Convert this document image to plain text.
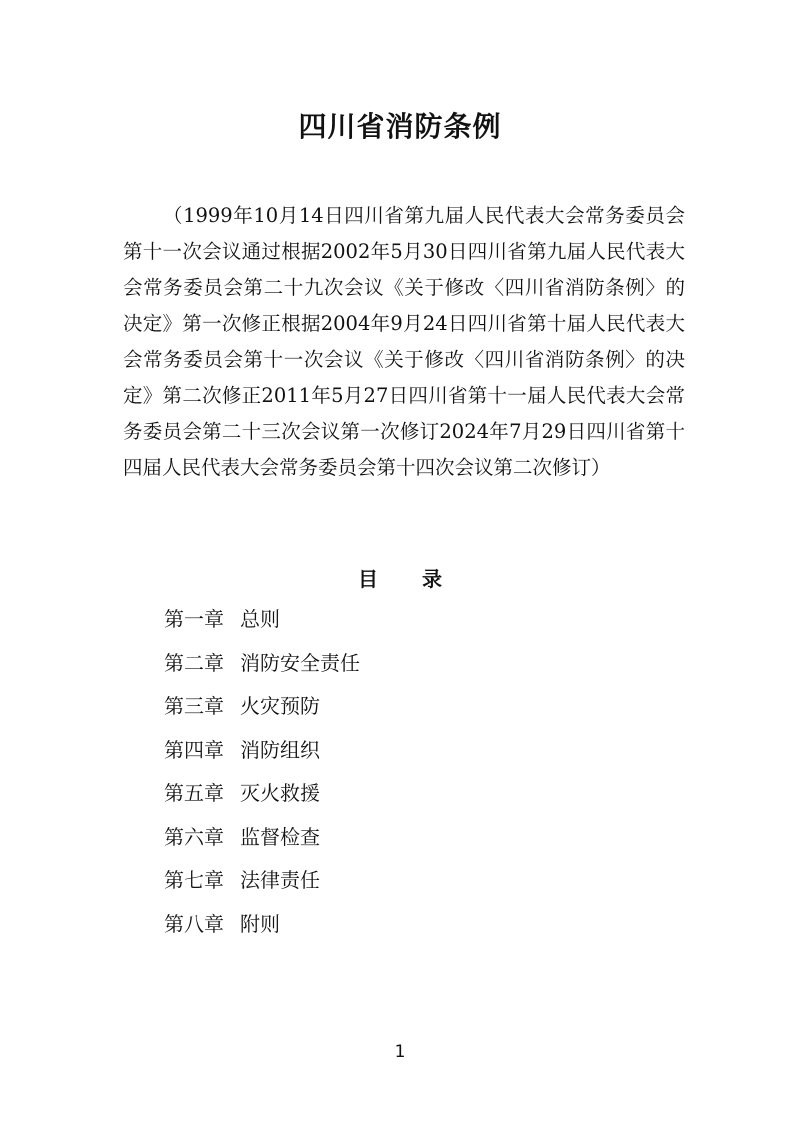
四川省消防条例

（1999年10月14日四川省第九届人民代表大会常务委员会第十一次会议通过根据2002年5月30日四川省第九届人民代表大会常务委员会第二十九次会议《关于修改〈四川省消防条例〉的决定》第一次修正根据2004年9月24日四川省第十届人民代表大会常务委员会第十一次会议《关于修改〈四川省消防条例〉的决定》第二次修正2011年5月27日四川省第十一届人民代表大会常务委员会第二十三次会议第一次修订2024年7月29日四川省第十四届人民代表大会常务委员会第十四次会议第二次修订）

目 录
第一章 总则
第二章 消防安全责任
第三章 火灾预防
第四章 消防组织
第五章 灭火救援
第六章 监督检查
第七章 法律责任
第八章 附则
1
